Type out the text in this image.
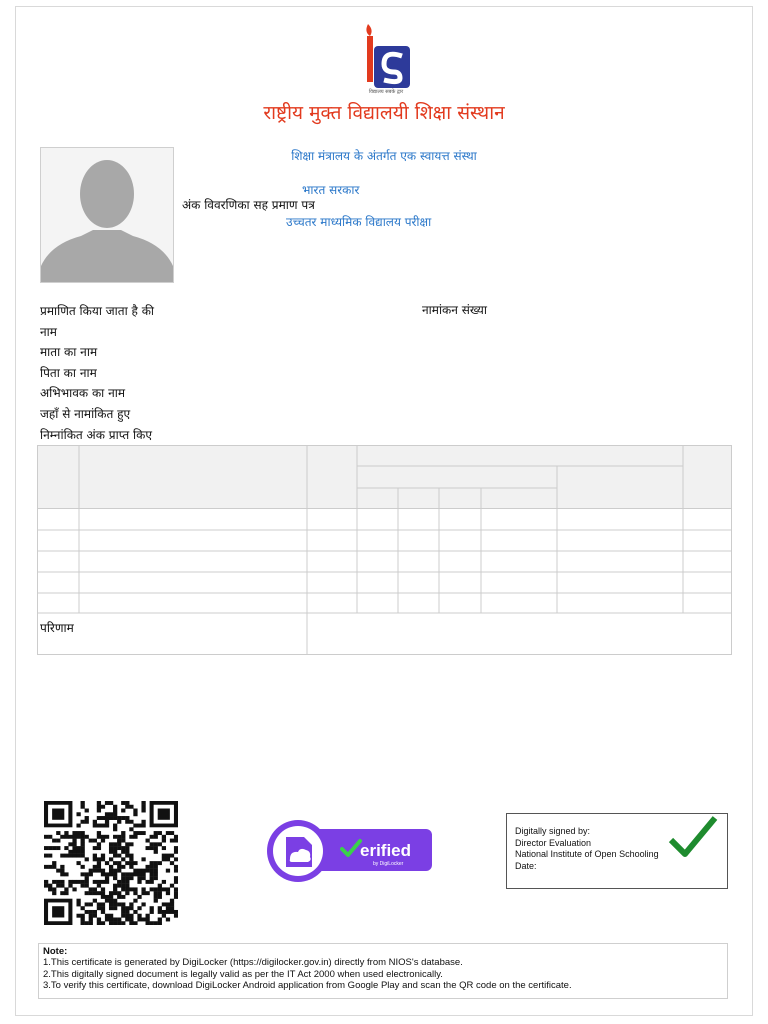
विद्यालय सबके द्वार
राष्ट्रीय मुक्त विद्यालयी शिक्षा संस्थान
शिक्षा मंत्रालय के अंतर्गत एक स्वायत्त संस्था
भारत सरकार
अंक विवरणिका सह प्रमाण पत्र
उच्चतर माध्यमिक विद्यालय परीक्षा
प्रमाणित किया जाता है की
नाम
माता का नाम
पिता का नाम
अभिभावक का नाम
जहाँ से नामांकित हुए
निम्नांकित अंक प्राप्त किए
नामांकन संख्या
परिणाम
erified
by DigiLocker
Digitally signed by:
Director Evaluation
National Institute of Open Schooling
Date:
Note:
1.This certificate is generated by DigiLocker (https://digilocker.gov.in) directly from NIOS's database.
2.This digitally signed document is legally valid as per the IT Act 2000 when used electronically.
3.To verify this certificate, download DigiLocker Android application from Google Play and scan the QR code on the certificate.
